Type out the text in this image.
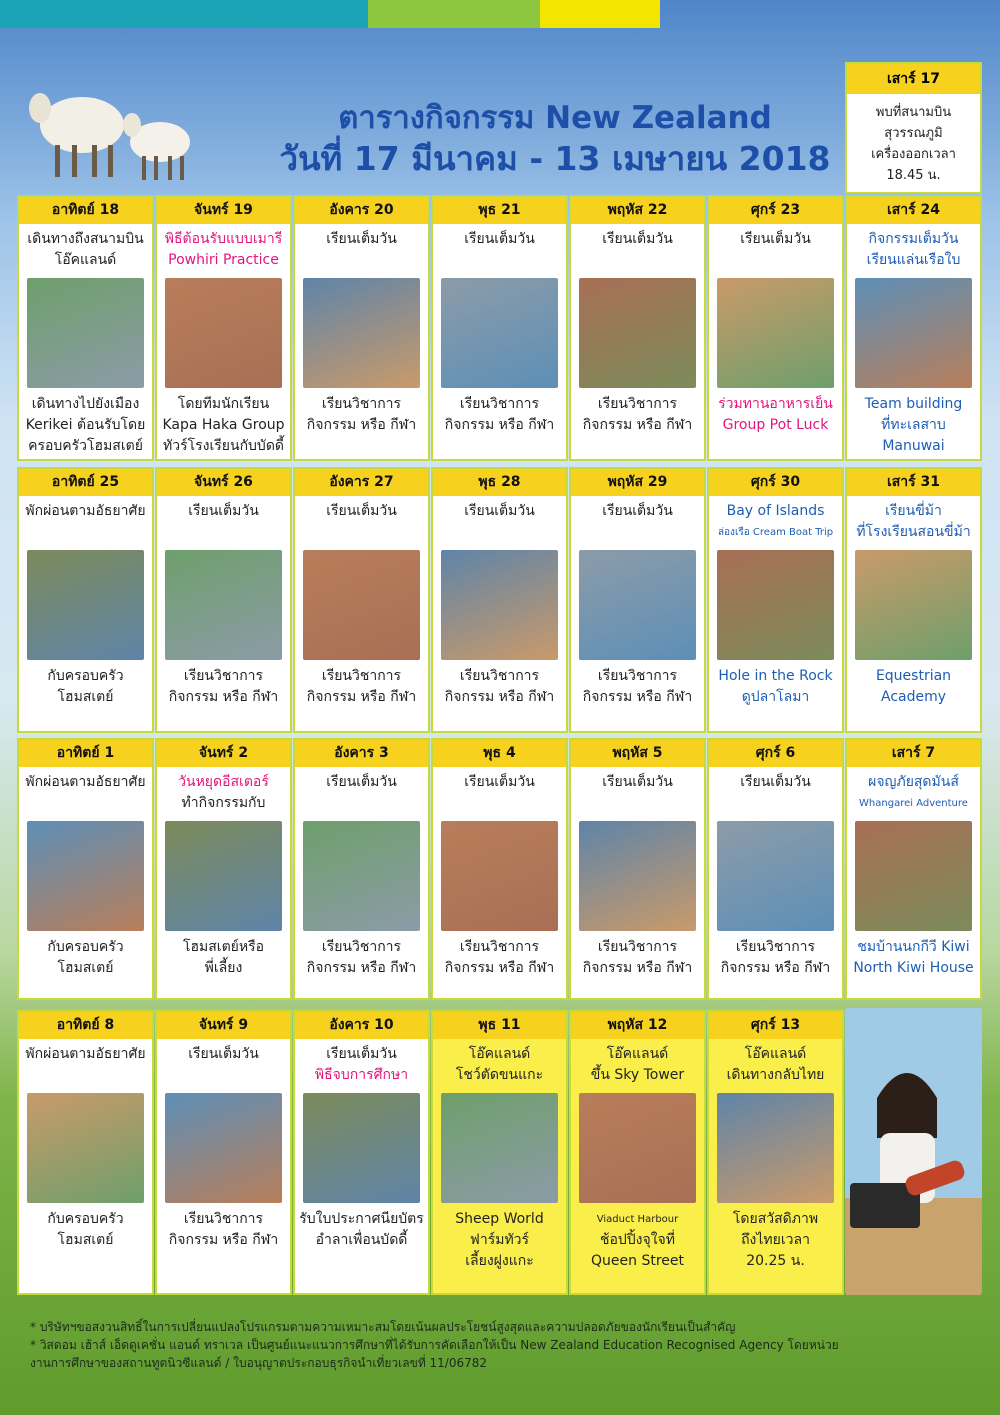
ตารางกิจกรรม New Zealand
วันที่ 17 มีนาคม - 13 เมษายน 2018
เสาร์ 17
พบที่สนามบิน
สุวรรณภูมิ
เครื่องออกเวลา
18.45 น.
อาทิตย์ 18
เดินทางถึงสนามบิน
โอ๊คแลนด์
เดินทางไปยังเมือง
Kerikei ต้อนรับโดย
ครอบครัวโฮมสเตย์
จันทร์ 19
พิธีต้อนรับแบบเมารี
Powhiri Practice
โดยทีมนักเรียน
Kapa Haka Group
ทัวร์โรงเรียนกับบัดดี้
อังคาร 20
เรียนเต็มวัน
เรียนวิชาการ
กิจกรรม หรือ กีฬา
พุธ 21
เรียนเต็มวัน
เรียนวิชาการ
กิจกรรม หรือ กีฬา
พฤหัส 22
เรียนเต็มวัน
เรียนวิชาการ
กิจกรรม หรือ กีฬา
ศุกร์ 23
เรียนเต็มวัน
ร่วมทานอาหารเย็น
Group Pot Luck
เสาร์ 24
กิจกรรมเต็มวัน
เรียนแล่นเรือใบ
Team building
ที่ทะเลสาบ
Manuwai
อาทิตย์ 25
พักผ่อนตามอัธยาศัย
กับครอบครัว
โฮมสเตย์
จันทร์ 26
เรียนเต็มวัน
เรียนวิชาการ
กิจกรรม หรือ กีฬา
อังคาร 27
เรียนเต็มวัน
เรียนวิชาการ
กิจกรรม หรือ กีฬา
พุธ 28
เรียนเต็มวัน
เรียนวิชาการ
กิจกรรม หรือ กีฬา
พฤหัส 29
เรียนเต็มวัน
เรียนวิชาการ
กิจกรรม หรือ กีฬา
ศุกร์ 30
Bay of Islands
ล่องเรือ Cream Boat Trip
Hole in the Rock
ดูปลาโลมา
เสาร์ 31
เรียนขี่ม้า
ที่โรงเรียนสอนขี่ม้า
Equestrian
Academy
อาทิตย์ 1
พักผ่อนตามอัธยาศัย
กับครอบครัว
โฮมสเตย์
จันทร์ 2
วันหยุดอีสเตอร์
ทำกิจกรรมกับ
โฮมสเตย์หรือ
พี่เลี้ยง
อังคาร 3
เรียนเต็มวัน
เรียนวิชาการ
กิจกรรม หรือ กีฬา
พุธ 4
เรียนเต็มวัน
เรียนวิชาการ
กิจกรรม หรือ กีฬา
พฤหัส 5
เรียนเต็มวัน
เรียนวิชาการ
กิจกรรม หรือ กีฬา
ศุกร์ 6
เรียนเต็มวัน
เรียนวิชาการ
กิจกรรม หรือ กีฬา
เสาร์ 7
ผจญภัยสุดมันส์
Whangarei Adventure
ชมบ้านนกกีวี Kiwi
North Kiwi House
อาทิตย์ 8
พักผ่อนตามอัธยาศัย
กับครอบครัว
โฮมสเตย์
จันทร์ 9
เรียนเต็มวัน
เรียนวิชาการ
กิจกรรม หรือ กีฬา
อังคาร 10
เรียนเต็มวัน
พิธีจบการศึกษา
รับใบประกาศนียบัตร
อำลาเพื่อนบัดดี้
พุธ 11
โอ๊คแลนด์
โชว์ตัดขนแกะ
Sheep World
ฟาร์มทัวร์
เลี้ยงฝูงแกะ
พฤหัส 12
โอ๊คแลนด์
ขึ้น Sky Tower
Viaduct Harbour
ช้อปปิ้งจุใจที่
Queen Street
ศุกร์ 13
โอ๊คแลนด์
เดินทางกลับไทย
โดยสวัสดิภาพ
ถึงไทยเวลา
20.25 น.
* บริษัทฯขอสงวนสิทธิ์ในการเปลี่ยนแปลงโปรแกรมตามความเหมาะสมโดยเน้นผลประโยชน์สูงสุดและความปลอดภัยของนักเรียนเป็นสำคัญ
* วิสดอม เฮ้าส์ เอ็ดดูเคชั่น แอนด์ ทราเวล เป็นศูนย์แนะแนวการศึกษาที่ได้รับการคัดเลือกให้เป็น New Zealand Education Recognised Agency โดยหน่วย
งานการศึกษาของสถานทูตนิวซีแลนด์ / ใบอนุญาตประกอบธุรกิจนำเที่ยวเลขที่ 11/06782
